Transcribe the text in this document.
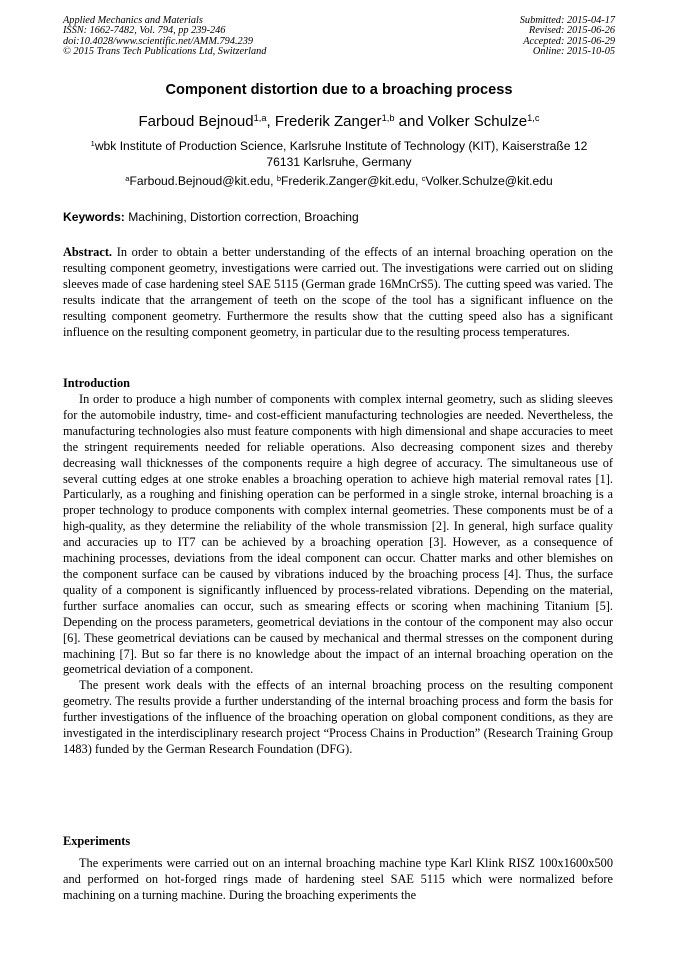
Applied Mechanics and Materials
ISSN: 1662-7482, Vol. 794, pp 239-246
doi:10.4028/www.scientific.net/AMM.794.239
© 2015 Trans Tech Publications Ltd, Switzerland
Submitted: 2015-04-17
Revised: 2015-06-26
Accepted: 2015-06-29
Online: 2015-10-05
Component distortion due to a broaching process
Farboud Bejnoud$^{1,a}$, Frederik Zanger$^{1,b}$ and Volker Schulze$^{1,c}$
$^1$wbk Institute of Production Science, Karlsruhe Institute of Technology (KIT), Kaiserstraße 12
76131 Karlsruhe, Germany
$^a$Farboud.Bejnoud@kit.edu, $^b$Frederik.Zanger@kit.edu, $^c$Volker.Schulze@kit.edu
Keywords: Machining, Distortion correction, Broaching

Abstract. In order to obtain a better understanding of the effects of an internal broaching operation on the resulting component geometry, investigations were carried out. The investigations were carried out on sliding sleeves made of case hardening steel SAE 5115 (German grade 16MnCrS5). The cutting speed was varied. The results indicate that the arrangement of teeth on the scope of the tool has a significant influence on the resulting component geometry. Furthermore the results show that the cutting speed also has a significant influence on the resulting component geometry, in particular due to the resulting process temperatures.

Introduction

In order to produce a high number of components with complex internal geometry, such as sliding sleeves for the automobile industry, time- and cost-efficient manufacturing technologies are needed. Nevertheless, the manufacturing technologies also must feature components with high dimensional and shape accuracies to meet the stringent requirements needed for reliable operations. Also decreasing component sizes and thereby decreasing wall thicknesses of the components require a high degree of accuracy. The simultaneous use of several cutting edges at one stroke enables a broaching operation to achieve high material removal rates [1]. Particularly, as a roughing and finishing operation can be performed in a single stroke, internal broaching is a proper technology to produce components with complex internal geometries. These components must be of a high-quality, as they determine the reliability of the whole transmission [2]. In general, high surface quality and accuracies up to IT7 can be achieved by a broaching operation [3]. However, as a consequence of machining processes, deviations from the ideal component can occur. Chatter marks and other blemishes on the component surface can be caused by vibrations induced by the broaching process [4]. Thus, the surface quality of a component is significantly influenced by process-related vibrations. Depending on the material, further surface anomalies can occur, such as smearing effects or scoring when machining Titanium [5]. Depending on the process parameters, geometrical deviations in the contour of the component may also occur [6]. These geometrical deviations can be caused by mechanical and thermal stresses on the component during machining [7]. But so far there is no knowledge about the impact of an internal broaching operation on the geometrical deviation of a component.

The present work deals with the effects of an internal broaching process on the resulting component geometry. The results provide a further understanding of the internal broaching process and form the basis for further investigations of the influence of the broaching operation on global component conditions, as they are investigated in the interdisciplinary research project “Process Chains in Production” (Research Training Group 1483) funded by the German Research Foundation (DFG).

Experiments

The experiments were carried out on an internal broaching machine type Karl Klink RISZ 100x1600x500 and performed on hot-forged rings made of hardening steel SAE 5115 which were normalized before machining on a turning machine. During the broaching experiments the
